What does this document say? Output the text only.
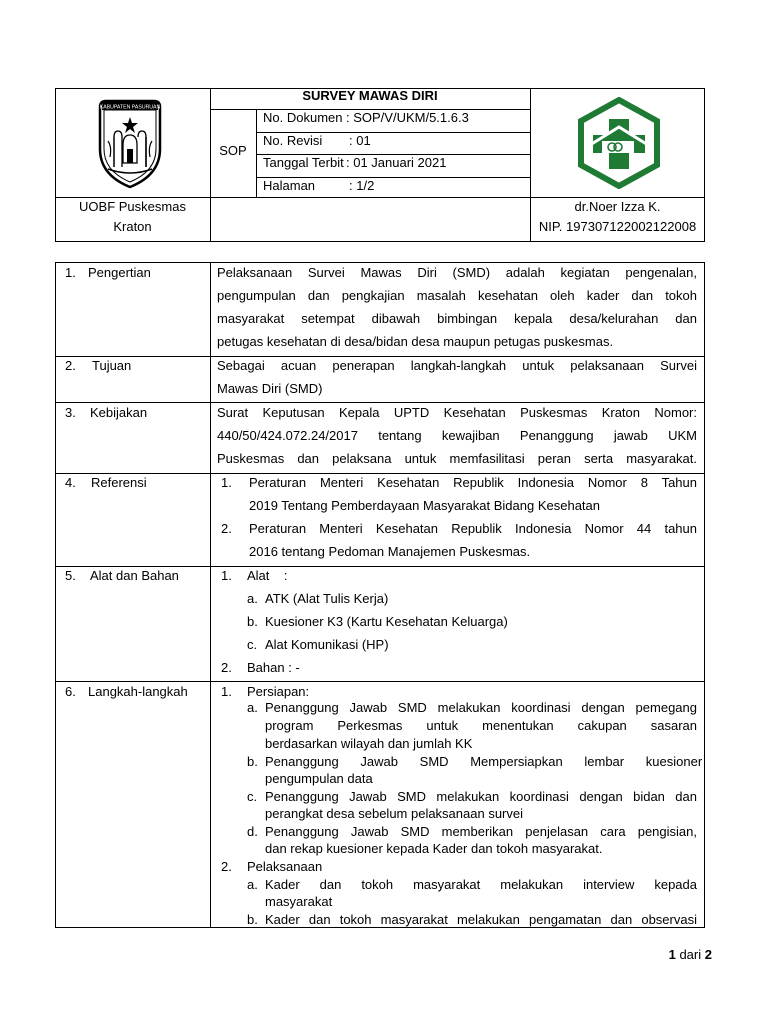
KABUPATEN PASURUAN
SURVEY MAWAS DIRI
SOP
No. Dokumen : SOP/V/UKM/5.1.6.3
No. Revisi : 01
Tanggal Terbit : 01 Januari 2021
Halaman	: 1/2
UOBF Puskesmas
Kraton
dr.Noer Izza K.
NIP. 197307122002122008
1. Pengertian	Pelaksanaan Survei Mawas Diri (SMD) adalah kegiatan pengenalan,
pengumpulan dan pengkajian masalah kesehatan oleh kader dan tokoh
masyarakat setempat dibawah bimbingan kepala desa/kelurahan dan
petugas kesehatan di desa/bidan desa maupun petugas puskesmas.
2. Tujuan	Sebagai acuan penerapan langkah-langkah untuk pelaksanaan Survei
Mawas Diri (SMD)
3. Kebijakan	Surat Keputusan Kepala UPTD Kesehatan Puskesmas Kraton Nomor:
440/50/424.072.24/2017 tentang kewajiban Penanggung jawab UKM
Puskesmas dan pelaksana untuk memfasilitasi peran serta masyarakat.
4. Referensi	1. Peraturan Menteri Kesehatan Republik Indonesia Nomor 8 Tahun
2019 Tentang Pemberdayaan Masyarakat Bidang Kesehatan
2. Peraturan Menteri Kesehatan Republik Indonesia Nomor 44 tahun
2016 tentang Pedoman Manajemen Puskesmas.
5. Alat dan Bahan	1. Alat    :
a. ATK (Alat Tulis Kerja)
b. Kuesioner K3 (Kartu Kesehatan Keluarga)
c. Alat Komunikasi (HP)
2. Bahan : -
6. Langkah-langkah	1. Persiapan:
a. Penanggung Jawab SMD melakukan koordinasi dengan pemegang
program     Perkesmas     untuk     menentukan     cakupan     sasaran
berdasarkan wilayah dan jumlah KK
b. Penanggung      Jawab      SMD      Mempersiapkan      lembar      kuesioner
pengumpulan data
c. Penanggung Jawab SMD melakukan koordinasi dengan bidan dan
perangkat desa sebelum pelaksanaan survei
d. Penanggung Jawab SMD memberikan penjelasan cara pengisian,
dan rekap kuesioner kepada Kader dan tokoh masyarakat.
2. Pelaksanaan
a. Kader     dan     tokoh     masyarakat     melakukan     interview     kepada
masyarakat
b. Kader dan tokoh masyarakat melakukan pengamatan dan observasi
1 dari 2
